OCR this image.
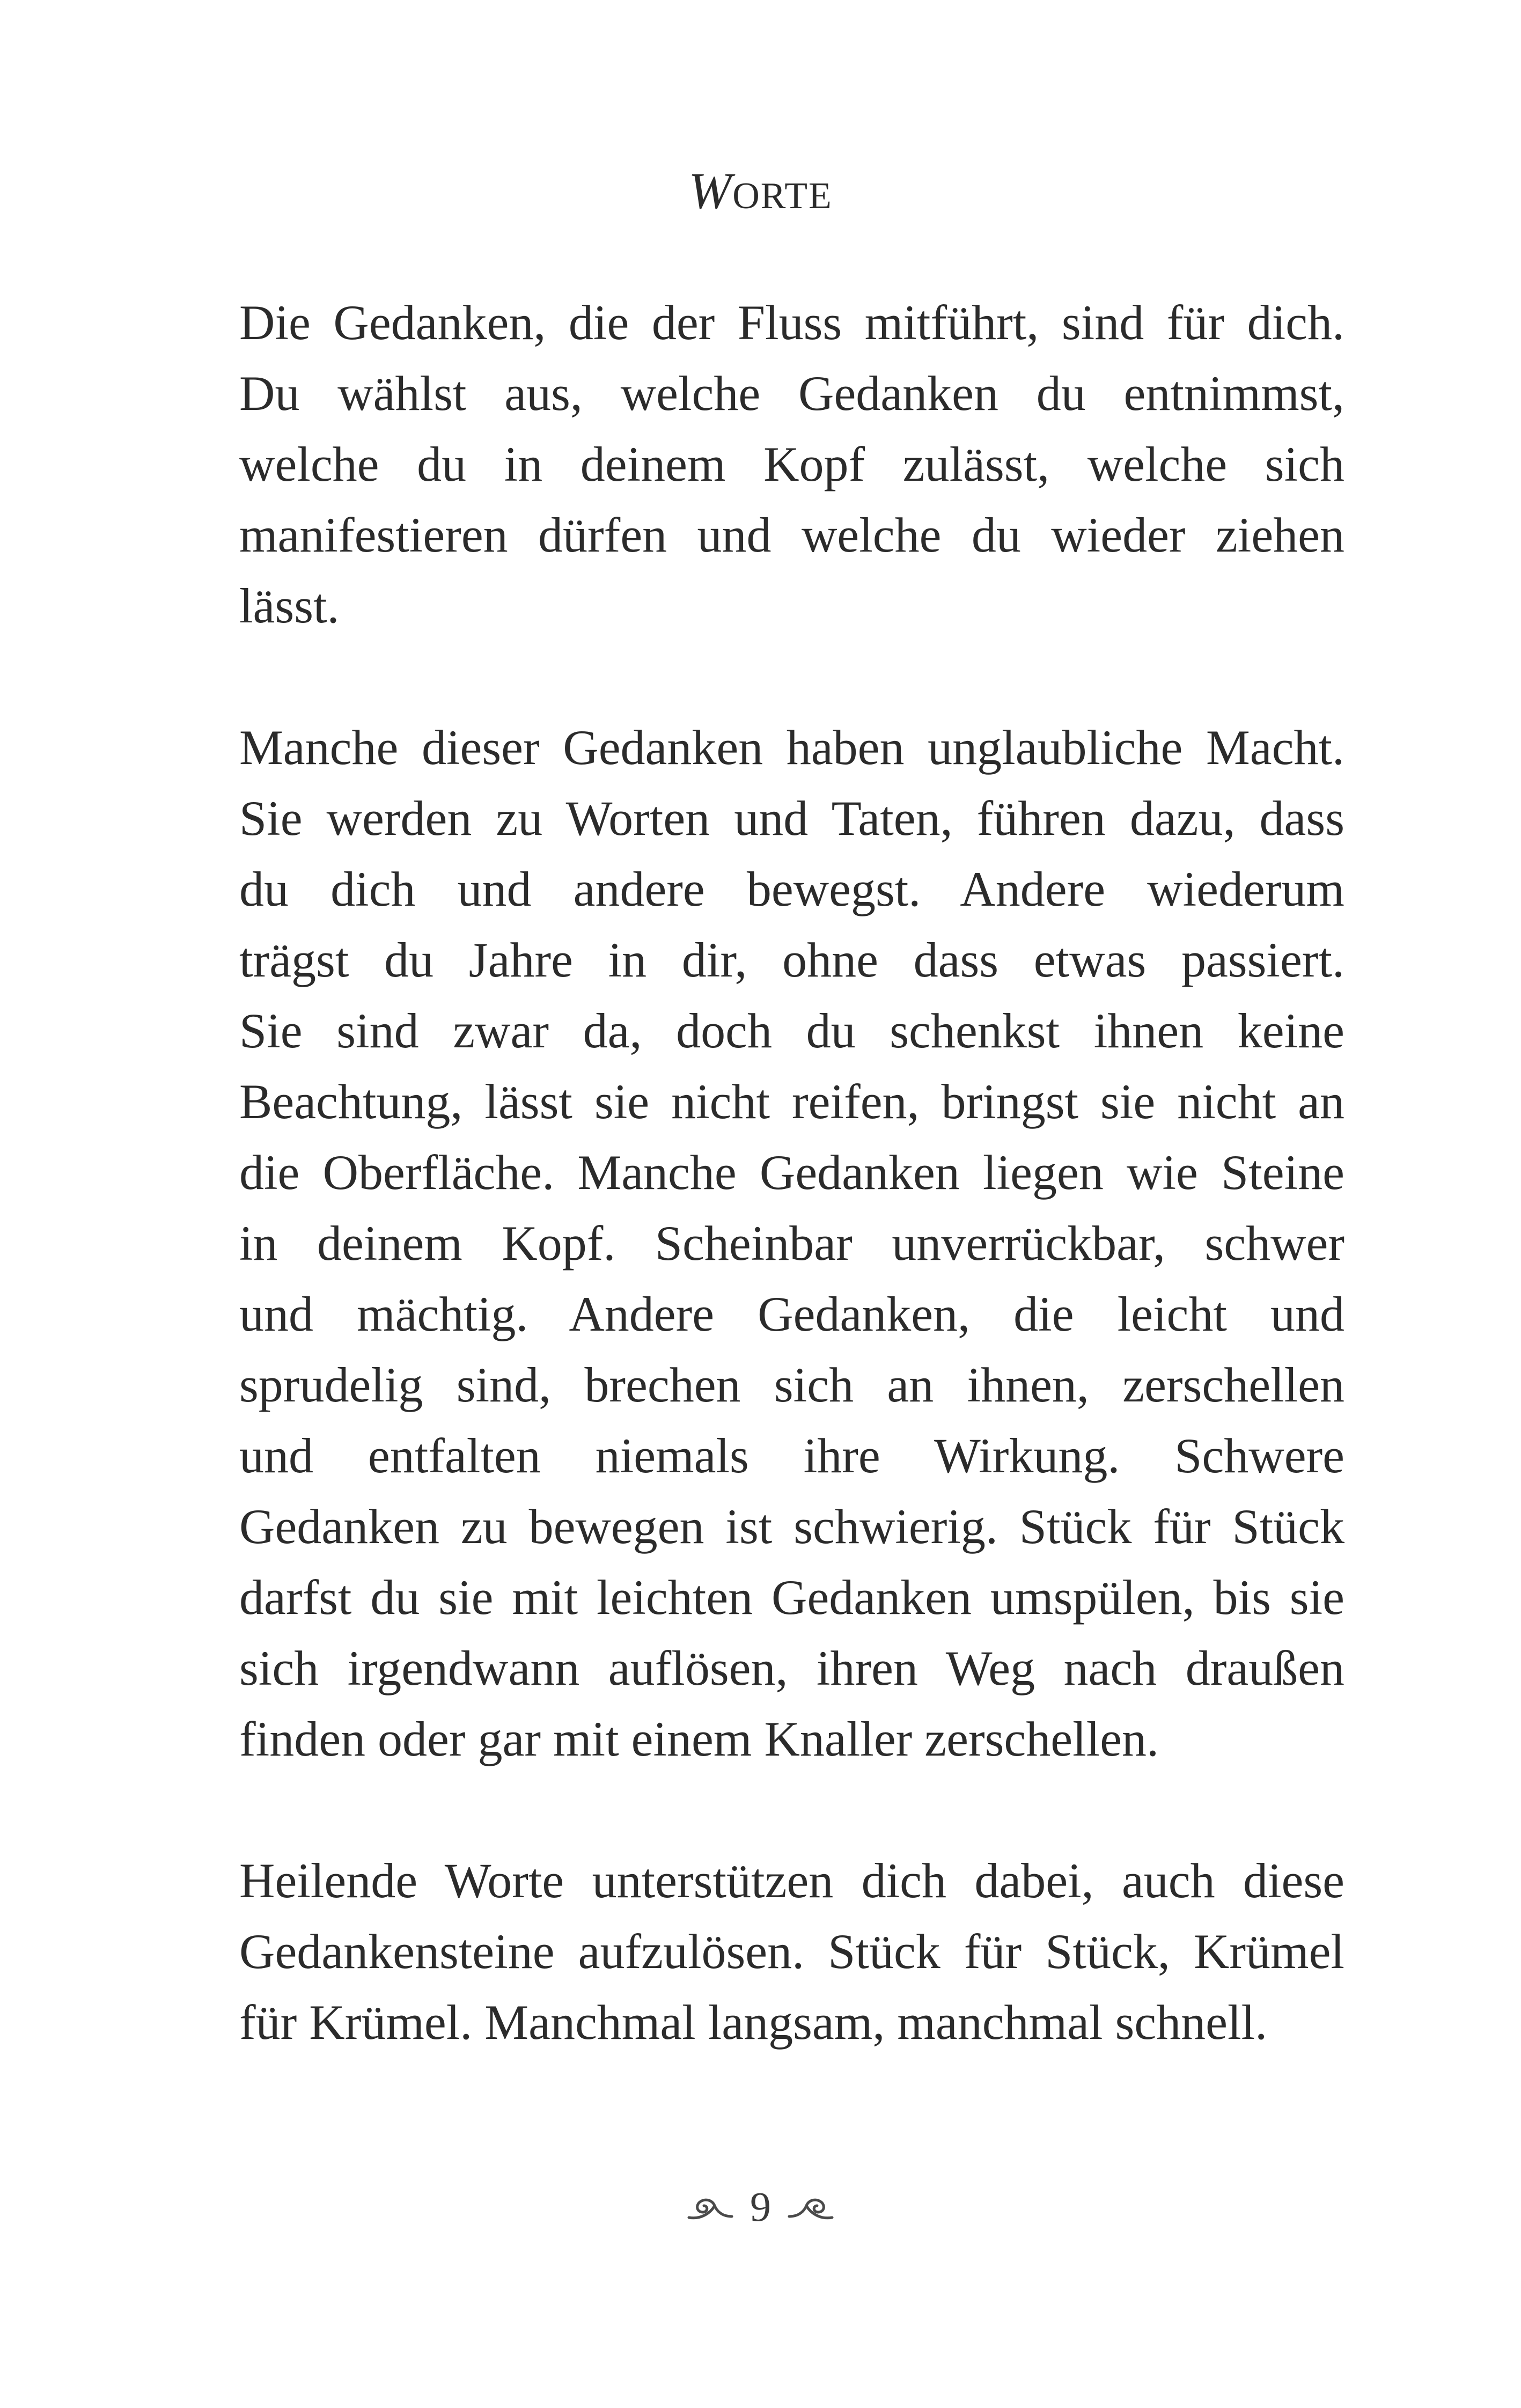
WORTE
Die Gedanken, die der Fluss mitführt, sind für dich.
Du wählst aus, welche Gedanken du entnimmst,
welche du in deinem Kopf zulässt, welche sich
manifestieren dürfen und welche du wieder ziehen
lässt.
Manche dieser Gedanken haben unglaubliche Macht.
Sie werden zu Worten und Taten, führen dazu, dass
du dich und andere bewegst. Andere wiederum
trägst du Jahre in dir, ohne dass etwas passiert.
Sie sind zwar da, doch du schenkst ihnen keine
Beachtung, lässt sie nicht reifen, bringst sie nicht an
die Oberfläche. Manche Gedanken liegen wie Steine
in deinem Kopf. Scheinbar unverrückbar, schwer
und mächtig. Andere Gedanken, die leicht und
sprudelig sind, brechen sich an ihnen, zerschellen
und entfalten niemals ihre Wirkung. Schwere
Gedanken zu bewegen ist schwierig. Stück für Stück
darfst du sie mit leichten Gedanken umspülen, bis sie
sich irgendwann auflösen, ihren Weg nach draußen
finden oder gar mit einem Knaller zerschellen.
Heilende Worte unterstützen dich dabei, auch diese
Gedankensteine aufzulösen. Stück für Stück, Krümel
für Krümel. Manchmal langsam, manchmal schnell.
9
